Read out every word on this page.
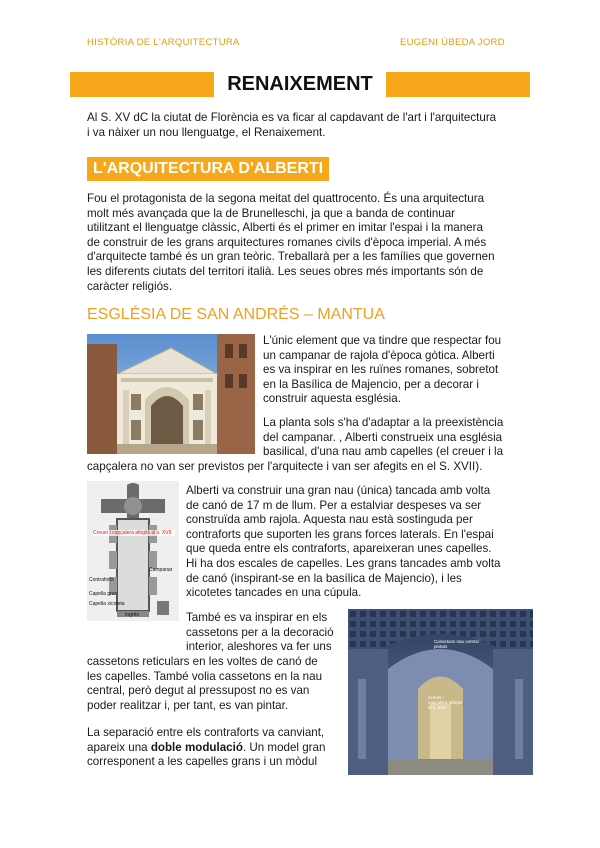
HISTÒRIA DE L'ARQUITECTURA	EUGENI ÚBEDA JORD
RENAIXEMENT
Al S. XV dC la ciutat de Florència es va ficar al capdavant de l'art i l'arquitectura
i va nàixer un nou llenguatge, el Renaixement.
L'ARQUITECTURA D'ALBERTI
Fou el protagonista de la segona meitat del quattrocento. És una arquitectura
molt més avançada que la de Brunelleschi, ja que a banda de continuar
utilitzant el llenguatge clàssic, Alberti és el primer en imitar l'espai i la manera
de construir de les grans arquitectures romanes civils d'època imperial. A més
d'arquitecte també és un gran teòric. Treballarà per a les famílies que governen
les diferents ciutats del territori italià. Les seues obres més importants són de
caràcter religiós.
ESGLÉSIA DE SAN ANDRÉS – MANTUA
L'únic element que va tindre que respectar fou
un campanar de rajola d'època gòtica. Alberti
es va inspirar en les ruïnes romanes, sobretot
en la Basílica de Majencio, per a decorar i
construir aquesta església.
La planta sols s'ha d'adaptar a la preexistència
del campanar. , Alberti construeix una església
basilical, d'una nau amb capelles (el creuer i la
capçalera no van ser previstos per l'arquitecte i van ser afegits en el S. XVII).
Creuer i capçalera afegits al s. XVII
Campanar
Contraforts
Capella gran
Capella xicoteta
Ingrés
Alberti va construir una gran nau (única) tancada amb volta
de canó de 17 m de llum. Per a estalviar despeses va ser
construïda amb rajola. Aquesta nau està sostinguda per
contraforts que suporten les grans forces laterals. En l'espai
que queda entre els contraforts, apareixeran unes capelles.
Hi ha dos escales de capelles. Les grans tancades amb volta
de canó (inspirant-se en la basílica de Majencio), i les
xicotetes tancades en una cúpula.
També es va inspirar en els
cassetons per a la decoració
interior, aleshores va fer uns
cassetons reticulars en les voltes de canó de
les capelles. També volia cassetons en la nau
central, però degut al pressupost no es van
poder realitzar i, per tant, es van pintar.
La separació entre els contraforts va canviant,
apareix una doble modulació. Un model gran
corresponent a les capelles grans i un mòdul
Cassetons nau central
pintats
Creuer i
capçalera afegits
al s. XVII
